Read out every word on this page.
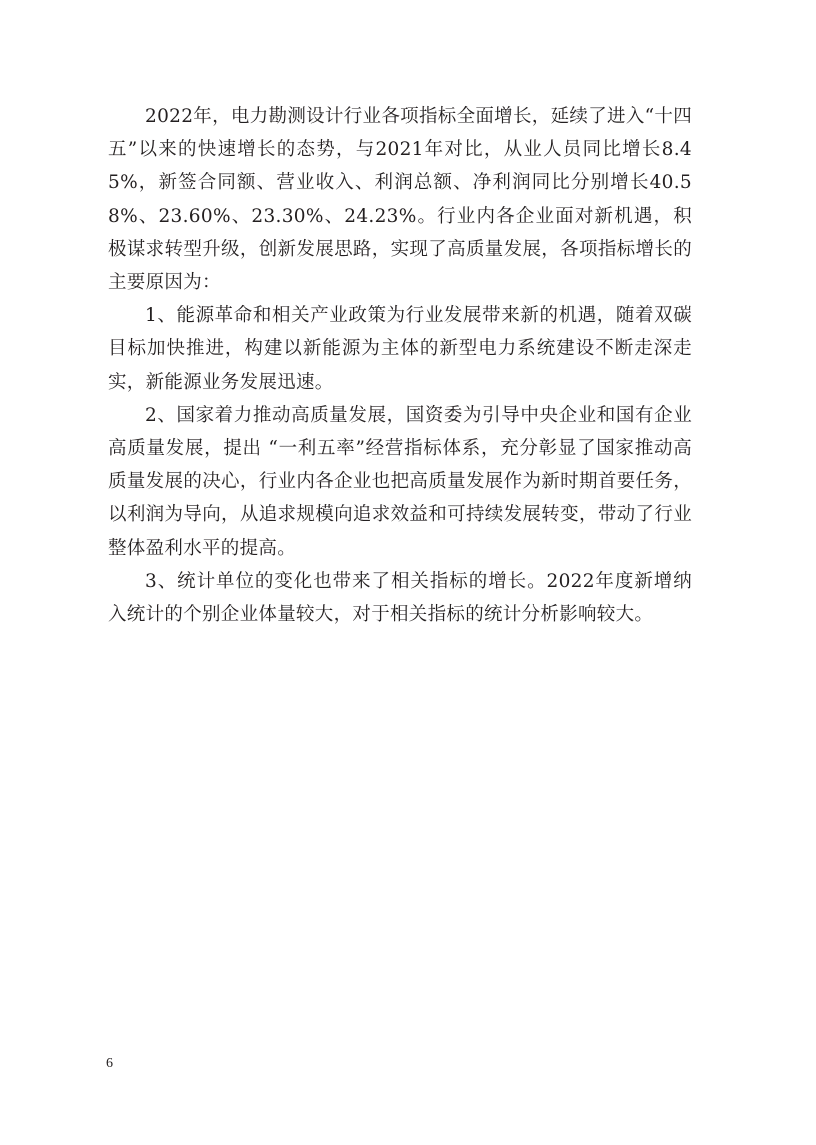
2022年，电力勘测设计行业各项指标全面增长，延续了进入“十四五”以来的快速增长的态势，与2021年对比，从业人员同比增长8.45%，新签合同额、营业收入、利润总额、净利润同比分别增长40.58%、23.60%、23.30%、24.23%。行业内各企业面对新机遇，积极谋求转型升级，创新发展思路，实现了高质量发展，各项指标增长的主要原因为：

1、能源革命和相关产业政策为行业发展带来新的机遇，随着双碳目标加快推进，构建以新能源为主体的新型电力系统建设不断走深走实，新能源业务发展迅速。

2、国家着力推动高质量发展，国资委为引导中央企业和国有企业高质量发展，提出 “一利五率”经营指标体系，充分彰显了国家推动高质量发展的决心，行业内各企业也把高质量发展作为新时期首要任务，以利润为导向，从追求规模向追求效益和可持续发展转变，带动了行业整体盈利水平的提高。

3、统计单位的变化也带来了相关指标的增长。2022年度新增纳入统计的个别企业体量较大，对于相关指标的统计分析影响较大。

6
